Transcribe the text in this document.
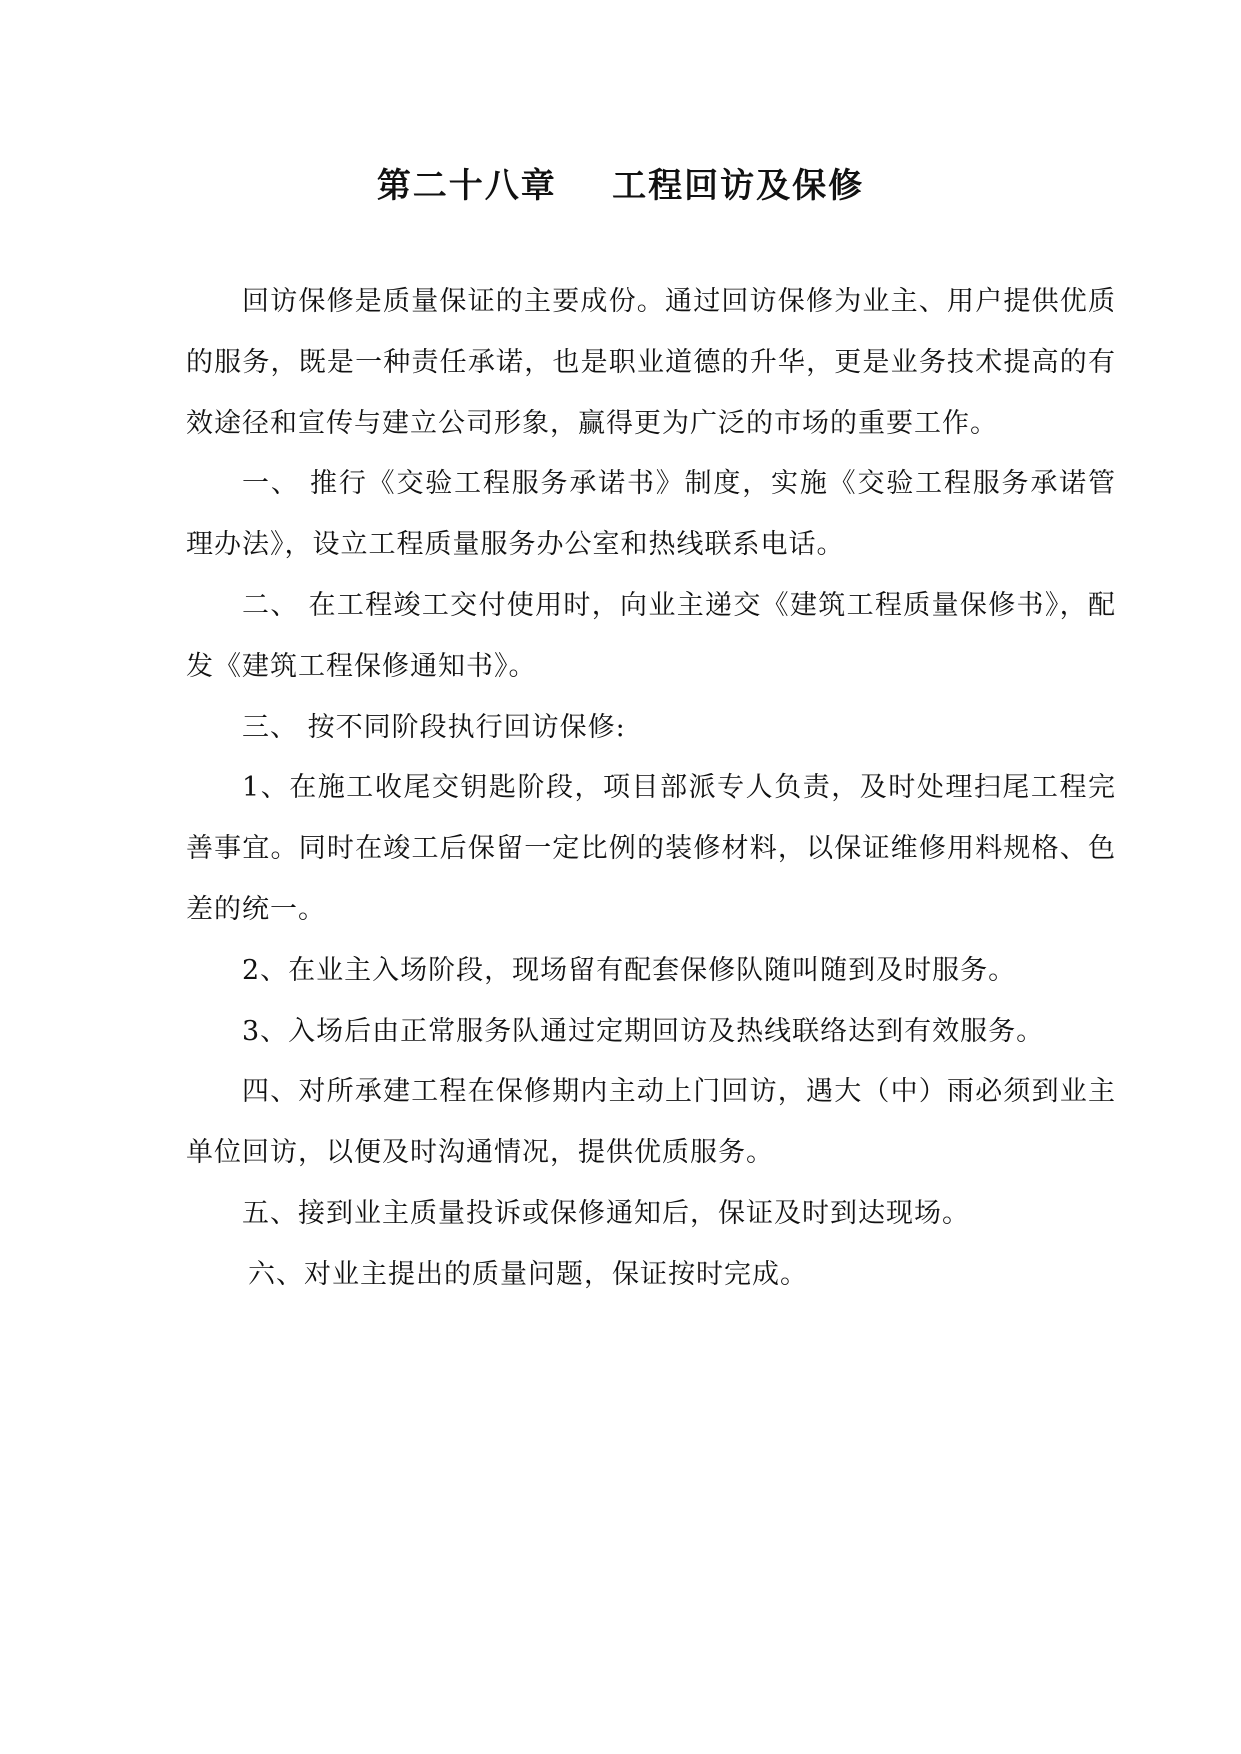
第二十八章    工程回访及保修

回访保修是质量保证的主要成份。通过回访保修为业主、用户提供优质的服务，既是一种责任承诺，也是职业道德的升华，更是业务技术提高的有效途径和宣传与建立公司形象，赢得更为广泛的市场的重要工作。

一、 推行《交验工程服务承诺书》制度，实施《交验工程服务承诺管理办法》，设立工程质量服务办公室和热线联系电话。

二、 在工程竣工交付使用时，向业主递交《建筑工程质量保修书》，配发《建筑工程保修通知书》。

三、 按不同阶段执行回访保修:

1、在施工收尾交钥匙阶段，项目部派专人负责，及时处理扫尾工程完善事宜。同时在竣工后保留一定比例的装修材料，以保证维修用料规格、色差的统一。

2、在业主入场阶段，现场留有配套保修队随叫随到及时服务。

3、入场后由正常服务队通过定期回访及热线联络达到有效服务。

四、对所承建工程在保修期内主动上门回访，遇大（中）雨必须到业主单位回访，以便及时沟通情况，提供优质服务。

五、接到业主质量投诉或保修通知后，保证及时到达现场。

六、对业主提出的质量问题，保证按时完成。
